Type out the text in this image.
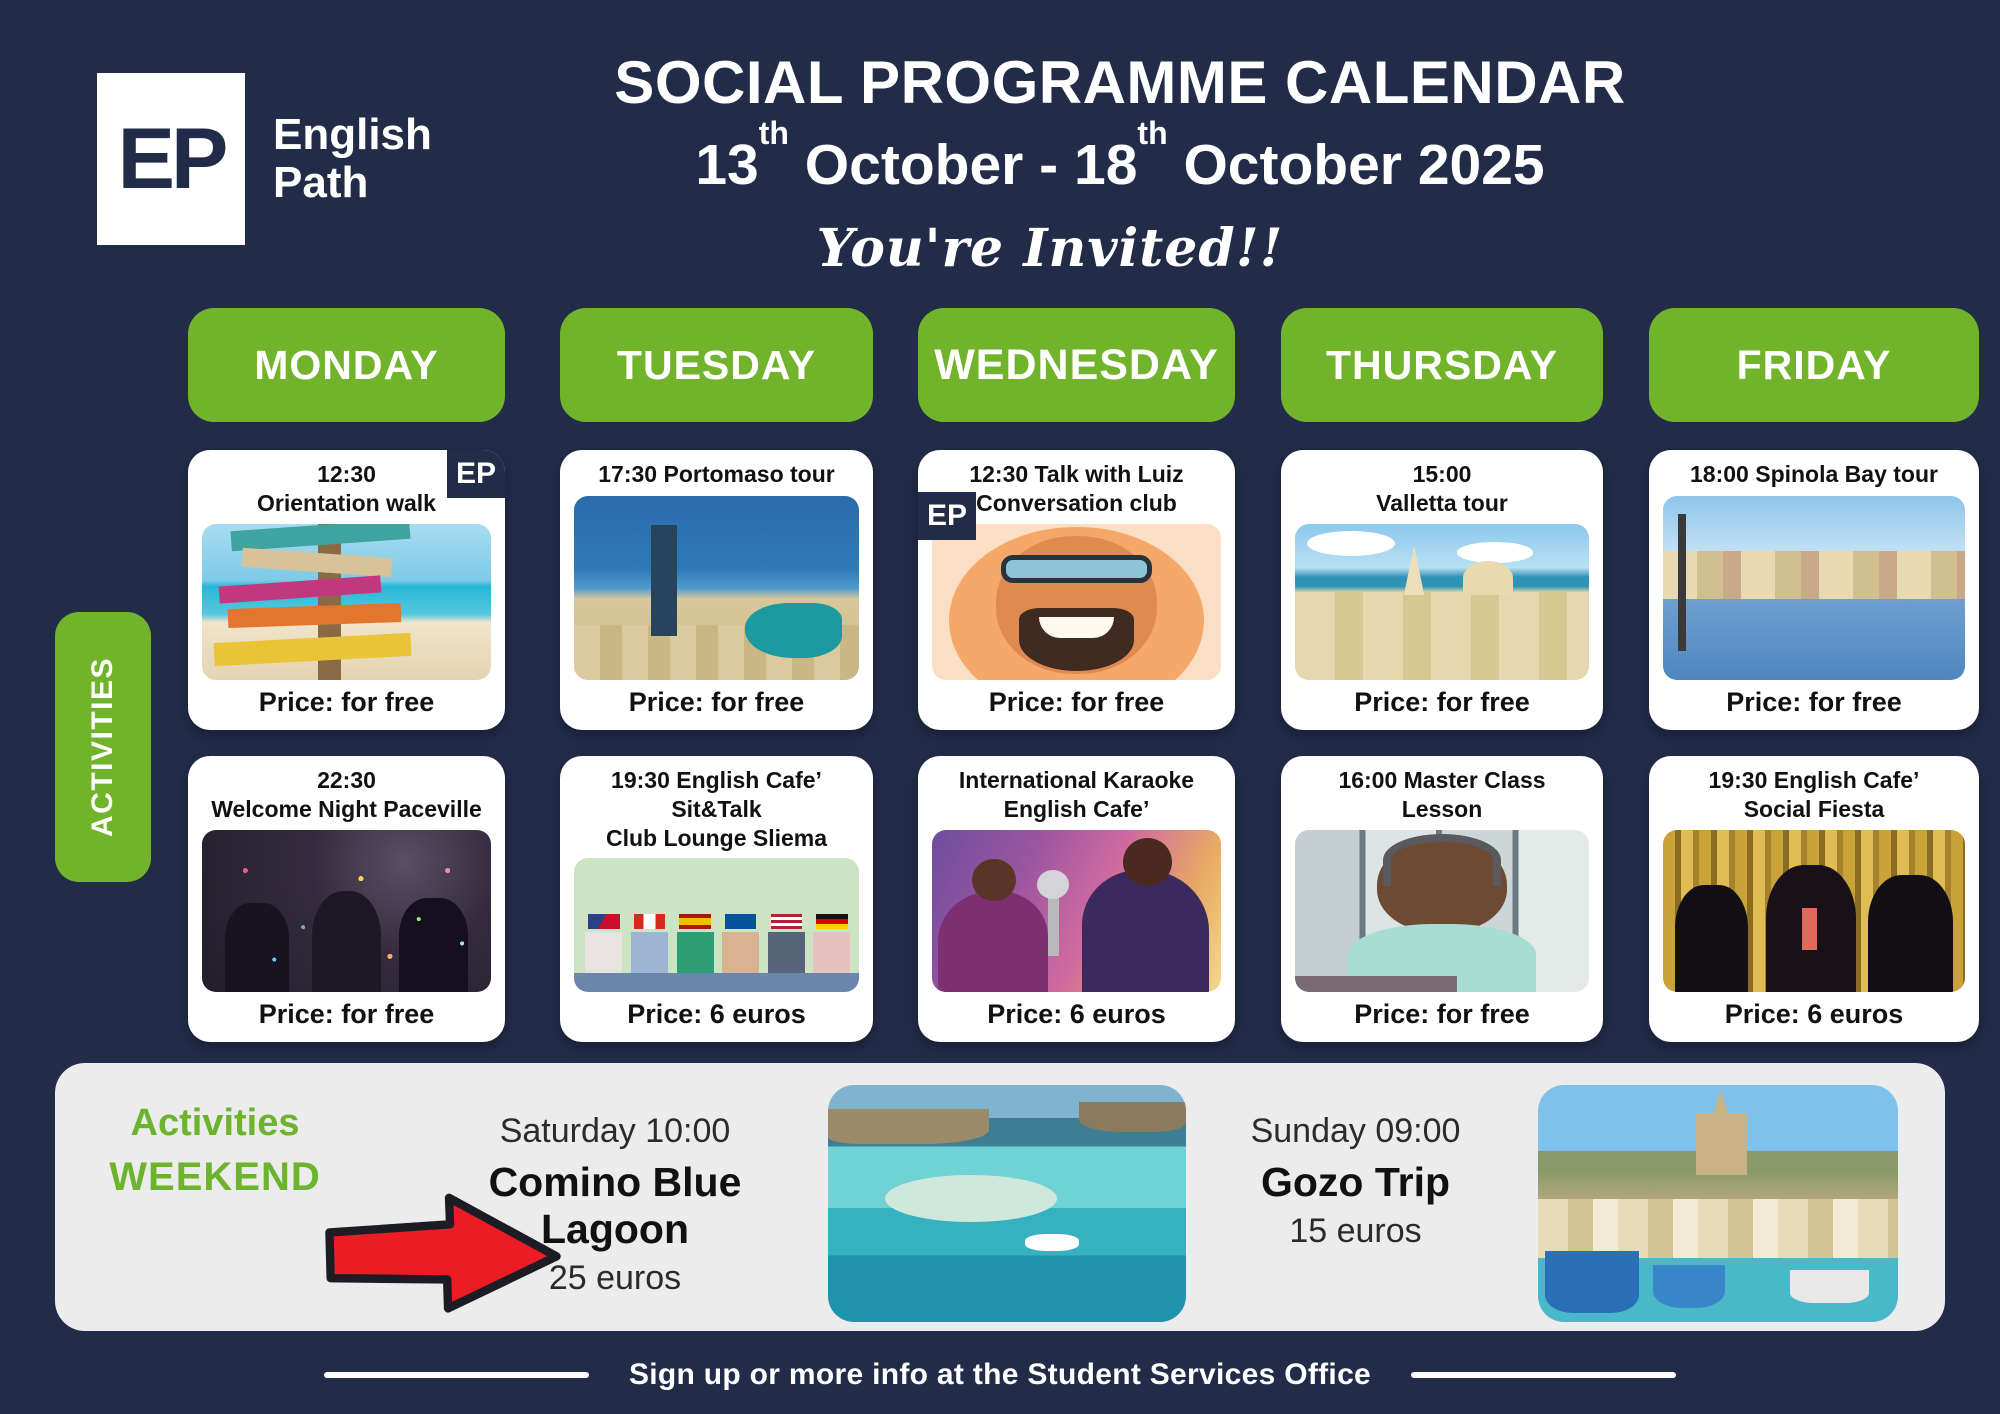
EP English
Path
SOCIAL PROGRAMME CALENDAR
13th October - 18th October 2025
You're Invited!!
MONDAY	TUESDAY	WEDNESDAY	THURSDAY	FRIDAY
ACTIVITIES
EP
12:30
Orientation walk
Price: for free
17:30 Portomaso tour
Price: for free
EP
12:30 Talk with Luiz
Conversation club
Price: for free
15:00
Valletta tour
Price: for free
18:00 Spinola Bay tour
Price: for free
22:30
Welcome Night Paceville
Price: for free
19:30 English Cafe’ Sit&Talk
Club Lounge Sliema
Price: 6 euros
International Karaoke
English Cafe’
Price: 6 euros
16:00 Master Class Lesson
Price: for free
19:30 English Cafe’
Social Fiesta
Price: 6 euros
Activities
WEEKEND
Saturday 10:00
Comino Blue Lagoon
25 euros
Sunday 09:00
Gozo Trip
15 euros
Sign up or more info at the Student Services Office
